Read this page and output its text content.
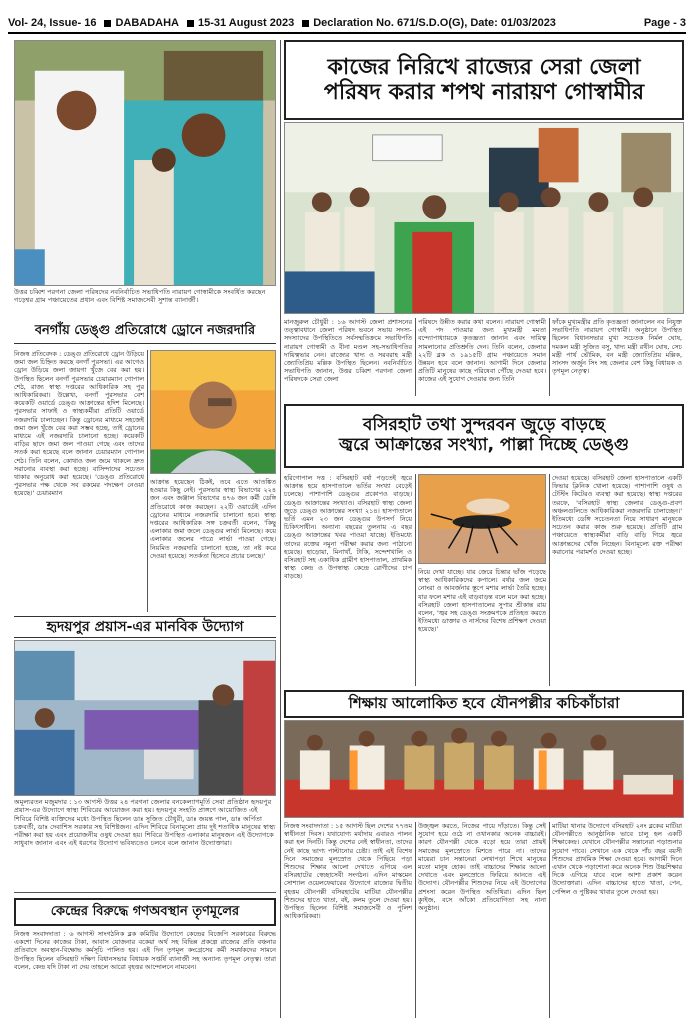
Vol- 24, Issue- 16 DABADAHA 15-31 August 2023 Declaration No. 671/S.D.O(G), Date: 01/03/2023	Page - 3
উত্তর চব্বিশ পরগনা জেলা পরিষদের নবনির্বাচিত সভাধিপতি নারায়ণ গোস্বামীকে সংবর্ধিত করছেন গড়েশ্বর গ্রাম পঞ্চায়েতের প্রধান এবং বিশিষ্ট সমাজসেবী সুশান্ত ব্যানার্জী।
কাজের নিরিখে রাজ্যের সেরা জেলা
পরিষদ করার শপথ নারায়ণ গোস্বামীর
মানজুরুল চৌধুরী : ১৬ আগস্ট জেলা প্রশাসনের তত্ত্বাবধানে জেলা পরিষদ ভবনে সভায় সদস্য-সদস্যাদের উপস্থিতিতে সর্বসম্মতিক্রমে সভাধিপতি নারায়ণ গোস্বামী ও বীনা মণ্ডল সহ-সভাধিপতির দায়িত্বভার নেন। রাজ্যের খাদ্য ও সরবরাহ মন্ত্রী জ্যোতিপ্রিয় মল্লিক উপস্থিত ছিলেন। নবনির্বাচিত সভাধিপতি জানান, উত্তর চব্বিশ পরগনা জেলা পরিষদকে সেরা জেলা
পরিষদে উন্নীত করার কথা বলেন। নারায়ণ গোস্বামী এই পদ পাওয়ার জন্য মুখ্যমন্ত্রী মমতা বন্দ্যোপাধ্যায়কে কৃতজ্ঞতা জানান এবং দায়িত্ব সামলানোর প্রতিশ্রুতি দেন। তিনি বলেন, জেলার ২২টি ব্লক ও ১৯১৫টি গ্রাম পঞ্চায়েতে সমান উন্নয়ন হবে বলে জানান। আগামী দিনে জেলার প্রতিটি মানুষের কাছে পরিষেবা পৌঁছে দেওয়া হবে। কাজের এই সুযোগ দেওয়ার জন্য তিনি
ফাঁকে মুখ্যমন্ত্রীর প্রতি কৃতজ্ঞতা জানালেন নব নিযুক্ত সভাধিপতি নারায়ণ গোস্বামী। অনুষ্ঠানে উপস্থিত ছিলেন বিধানসভার মুখ্য সচেতক নির্মল ঘোষ, দমকল মন্ত্রী সুজিত বসু, খাদ্য মন্ত্রী রথীন ঘোষ, সেচ মন্ত্রী পার্থ ভৌমিক, বন মন্ত্রী জ্যোতিপ্রিয় মল্লিক, সাংসদ অর্জুন সিং সহ জেলার বেশ কিছু বিধায়ক ও তৃণমূল নেতৃত্ব।
বনগাঁয় ডেঙ্গু প্রতিরোধে ড্রোনে নজরদারি
নিজস্ব প্রতিবেদক : ডেঙ্গু প্রতিরোধে ড্রোন উড়িয়ে জমা জল চিহ্নিত করছে বনগাঁ পুরসভা। এর আগেও ড্রোন উড়িয়ে জলা জায়গা খুঁজে বের করা হয়। উপস্থিত ছিলেন বনগাঁ পুরসভার চেয়ারম্যান গোপাল শেঠ, রাজ্য স্বাস্থ্য দপ্তরের আধিকারিক সহ পুর আধিকারিকরা। উল্লেখ্য, বনগাঁ পুরসভার বেশ কয়েকটি ওয়ার্ডে ডেঙ্গু আক্রান্তের হদিশ মিলেছে। পুরসভার সাফাই ও স্বাস্থ্যকর্মীরা প্রতিটি ওয়ার্ডে নজরদারি চালাচ্ছেন। কিন্তু ড্রোনের মাধ্যমে সহজেই জমা জল খুঁজে বের করা সম্ভব হচ্ছে, তাই ড্রোনের মাধ্যমে এই নজরদারি চালানো হচ্ছে। কয়েকটি বাড়ির ছাদে জমা জল পাওয়া গেছে এবং তাদের সতর্ক করা হয়েছে বলে জানান চেয়ারম্যান গোপাল শেঠ। তিনি বলেন, কোথাও জল জমে থাকলে দ্রুত সরানোর ব্যবস্থা করা হচ্ছে। বাসিন্দাদের সচেতন থাকার অনুরোধ করা হয়েছে। 'ডেঙ্গু প্রতিরোধে পুরসভার পক্ষ থেকে সব রকমের পদক্ষেপ নেওয়া হয়েছে।' চেয়ারম্যান
আক্রান্ত হয়েছেন ঠিকই, তবে এতে আতঙ্কিত হওয়ার কিছু নেই। পুরসভার স্বাস্থ্য বিভাগের ২২৪ জন এবং জঞ্জাল বিভাগের ৪৭৬ জন কর্মী ডেঙ্গি প্রতিরোধে কাজ করছেন। ২২টি ওয়ার্ডেই এদিন ড্রোনের মাধ্যমে নজরদারি চালানো হবে। স্বাস্থ্য দপ্তরের আধিকারিক সঙ্গ চক্রবর্তী বলেন, 'কিছু এলাকার জমা জলে ডেঙ্গুর লার্ভা মিলেছে। কয়ে এলাকার জলের পাত্রে লার্ভা পাওয়া গেছে। নিয়মিত নজরদারি চালানো হচ্ছে, তা নষ্ট করে দেওয়া হয়েছে। সতর্কতা হিসেবে প্রচার চলছে।'
বসিরহাট তথা সুন্দরবন জুড়ে বাড়ছে
জ্বরে আক্রান্তের সংখ্যা, পাল্লা দিচ্ছে ডেঙ্গু
হরিগোপাল দত্ত : বসিরহাট বর্ষা পড়তেই জ্বরে আক্রান্ত হয়ে হাসপাতালে ভর্তির সংখ্যা বেড়েই চলেছে। পাশাপাশি ডেঙ্গুর প্রকোপও বাড়ছে। ডেঙ্গু আক্রান্তের সংখ্যাও। বসিরহাট স্বাস্থ্য জেলা জুড়ে ডেঙ্গু আক্রান্তের সংখ্যা ২১৪। হাসপাতালে ভর্তি এমন ২৩ জন ডেঙ্গুর উপসর্গ নিয়ে চিকিৎসাধীন। অন্যান্য বছরের তুলনায় এ বছর ডেঙ্গু আক্রান্তের খবর পাওয়া যাচ্ছে। ইতিমধ্যে তাদের রক্তের নমুনা পরীক্ষা করার জন্য পাঠানো হয়েছে। হাড়োয়া, মিনাখাঁ, টাকি, সন্দেশখালি ও বসিরহাট সহ একাধিক গ্রামীণ হাসপাতাল, প্রাথমিক স্বাস্থ্য কেন্দ্র ও উপস্বাস্থ্য কেন্দ্রে রোগীদের চাপ বাড়ছে।
নিয়ে দেখা যাচ্ছে। যার জেরে চিন্তার ভাঁজ পড়েছে স্বাস্থ্য আধিকারিকদের কপালে। বর্ষার জল জমে নোংরা ও আবর্জনার স্তূপে মশার লার্ভা তৈরি হচ্ছে। যার ফলে মশার এই বাড়বাড়ন্ত বলে মনে করা হচ্ছে। বসিরহাট জেলা হাসপাতালের সুপার শ্রীকান্ত রায় বলেন, 'জ্বর সহ ডেঙ্গু সংক্রমণকে প্রতিহত করতে ইতিমধ্যে ডাক্তার ও নার্সদের বিশেষ প্রশিক্ষণ দেওয়া হয়েছে।'
দেওয়া হয়েছে। বসিরহাট জেলা হাসপাতালে একটি ফিভার ক্লিনিক খোলা হয়েছে। পাশাপাশি ওষুধ ও টেস্টিং কিটেরও ব্যবস্থা করা হয়েছে। স্বাস্থ্য দপ্তরের তরফে, 'বসিরহাট স্বাস্থ্য জেলার ডেঙ্গু-প্রবণ অঞ্চলগুলিতে আধিকারিকরা নজরদারি চালাচ্ছেন।' ইতিমধ্যে ডেঙ্গি সচেতনতা নিয়ে সাধারণ মানুষকে সচেতন করার কাজ শুরু হয়েছে। প্রতিটি গ্রাম পঞ্চায়েতে স্বাস্থ্যকর্মীরা বাড়ি বাড়ি গিয়ে জ্বরে আক্রান্তদের খোঁজ নিচ্ছেন। বিনামূল্যে রক্ত পরীক্ষা করানোর পরামর্শও দেওয়া হচ্ছে।
হৃদয়পুর প্রয়াস-এর মানবিক উদ্যোগ
অমূল্যরতন মজুমদার : ১৩ আগস্ট উত্তর ২৪ পরগনা জেলার বনকেল্যাণমূর্তি সেবা প্রতিষ্ঠান হৃদয়পুর প্রয়াস-এর উদ্যোগে স্বাস্থ্য শিবিরের আয়োজন করা হয়। হৃদয়পুর সংহতি প্রাঙ্গণে আয়োজিত এই শিবিরে বিশিষ্ট ব্যক্তিদের মধ্যে উপস্থিত ছিলেন ডাঃ সুজিত চৌধুরী, ডাঃ জয়ন্ত পাল, ডাঃ অর্পিতা চক্রবর্তী, ডাঃ দেবাশিস সরকার সহ বিশিষ্টজন। এদিন শিবিরে বিনামূল্যে প্রায় দুই শতাধিক মানুষের স্বাস্থ্য পরীক্ষা করা হয় এবং প্রয়োজনীয় ওষুধ দেওয়া হয়। শিবিরে উপস্থিত এলাকার মানুষজন এই উদ্যোগকে সাধুবাদ জানান এবং এই ধরণের উদ্যোগ ভবিষ্যতেও চলবে বলে জানান উদ্যোক্তারা।
শিক্ষায় আলোকিত হবে যৌনপল্লীর কচিকাঁচারা
নিজস্ব সংবাদদাতা : ১৫ আগস্ট ছিল দেশের ৭৭তম স্বাধীনতা দিবস। যথাযোগ্য মর্যাদায় এবারও পালন করা হল দিনটি। কিন্তু দেশের নেই স্বাধীনতা, তাদের নেই কাছে ভাগ্য পাল্টানোর চেষ্টা। তাই এই বিশেষ দিনে সমাজের মূলস্রোত থেকে পিছিয়ে পড়া শিশুদের শিক্ষার আলো দেখাতে এগিয়ে এল বসিরহাটের স্বেচ্ছাসেবী সংগঠন। এদিন মাস্কমেন সোশ্যাল ওয়েলফেয়ারের উদ্যোগে রাজ্যের দ্বিতীয় বৃহত্তম যৌনপল্লী বসিরহাটের মাটিয়া যৌনপল্লীর শিশুদের হাতে খাতা, বই, কলম তুলে দেওয়া হয়। উপস্থিত ছিলেন বিশিষ্ট সমাজসেবী ও পুলিশ আধিকারিকরা।
উজ্জ্বল করতে, নিজের পায়ে দাঁড়াতে। কিন্তু সেই সুযোগ হয়ে ওঠে না ওখানকার অনেক বাচ্চারই। কারণ যৌনপল্লী থেকে বড়ো হয়ে তারা প্রায়ই সমাজের মূলস্রোতে মিশতে পারে না। তাদের মায়েরা চান সন্তানেরা লেখাপড়া শিখে মানুষের মতো মানুষ হোক। তাই বাচ্চাদের শিক্ষার আলো দেখাতে এবং মূলস্রোতে ফিরিয়ে আনতে এই উদ্যোগ। যৌনপল্লীর শিশুদের নিয়ে এই উদ্যোগের প্রশংসা করেন উপস্থিত অতিথিরা। এদিন ছিল ক্যুইজ, বসে আঁকো প্রতিযোগিতা সহ নানা অনুষ্ঠান।
মাটিয়া থানার উদ্যোগে বসিরহাট ২নং ব্লকের মাটিয়া যৌনপল্লীতে আনুষ্ঠানিক ভাবে চালু হল একটি শিক্ষাকেন্দ্র। যেখানে যৌনপল্লীর সন্তানেরা পড়াশুনার সুযোগ পাবে। সেখানে এক থেকে পাঁচ বছর বয়সী শিশুদের প্রাথমিক শিক্ষা দেওয়া হবে। আগামী দিনে এখান থেকে পড়াশোনা করে অনেক শিশু উচ্চশিক্ষার দিকে এগিয়ে যাবে বলে আশা প্রকাশ করেন উদ্যোক্তারা। এদিন বাচ্চাদের হাতে খাতা, পেন, পেন্সিল ও পুষ্টিকর খাবার তুলে দেওয়া হয়।
কেন্দ্রের বিরুদ্ধে গণঅবস্থান তৃণমূলের
নিজস্ব সংবাদদাতা : ৬ আগস্ট সাংগঠনিক ব্লক কমিটির উদ্যোগে কেন্দ্রের বিজেপি সরকারের বিরুদ্ধে একশো দিনের কাজের টাকা, আবাস যোজনার বকেয়া অর্থ সহ বিভিন্ন প্রকল্পে রাজ্যের প্রতি বঞ্চনার প্রতিবাদে অবস্থান-বিক্ষোভ কর্মসূচি পালিত হয়। এই দিন তৃণমূল কংগ্রেসের কর্মী সমর্থকদের সামনে উপস্থিত ছিলেন বসিরহাট দক্ষিণ বিধানসভার বিধায়ক সপ্তর্ষি ব্যানার্জী সহ অন্যান্য তৃণমূল নেতৃত্ব। তারা বলেন, কেন্দ্র যদি টাকা না দেয় তাহলে আরো বৃহত্তর আন্দোলনে নামবেন।
